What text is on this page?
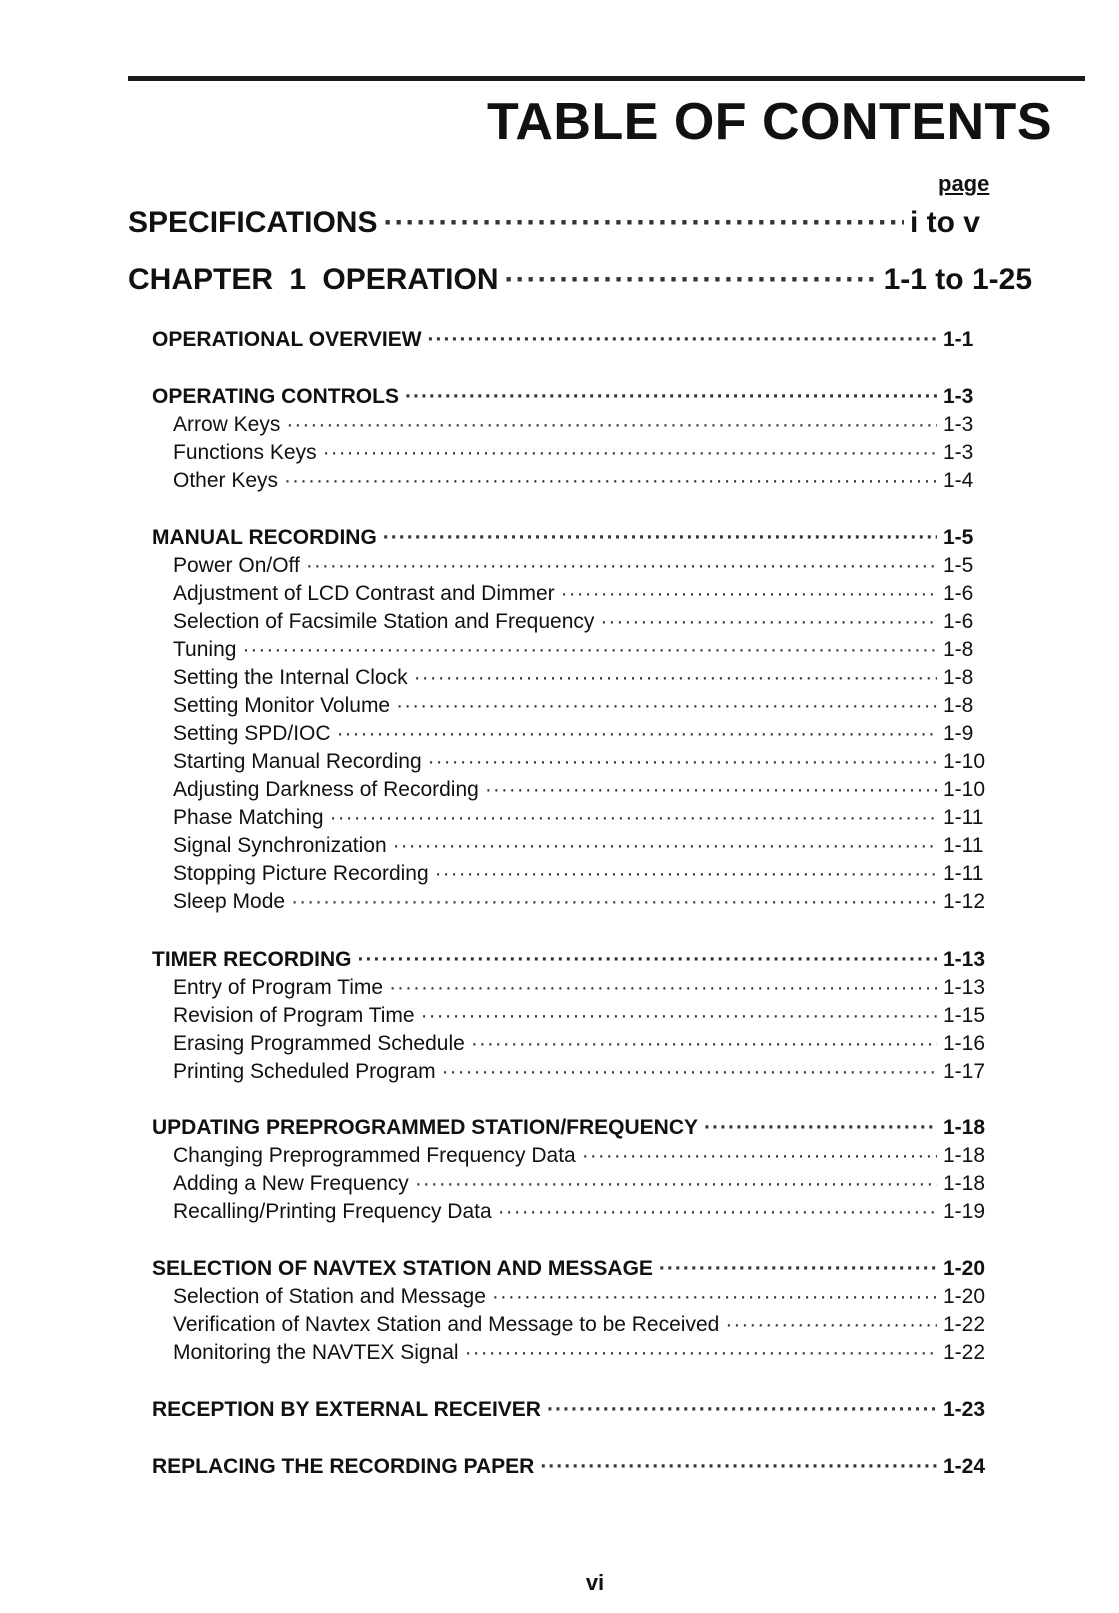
TABLE OF CONTENTS
page
SPECIFICATIONS ·····	i to v
CHAPTER 1 OPERATION ·····	1-1 to 1-25
OPERATIONAL OVERVIEW ·····	1-1
OPERATING CONTROLS ·····	1-3
Arrow Keys ·····	1-3
Functions Keys ·····	1-3
Other Keys ·····	1-4
MANUAL RECORDING ·····	1-5
Power On/Off ·····	1-5
Adjustment of LCD Contrast and Dimmer ·····	1-6
Selection of Facsimile Station and Frequency ·····	1-6
Tuning ·····	1-8
Setting the Internal Clock ·····	1-8
Setting Monitor Volume ·····	1-8
Setting SPD/IOC ·····	1-9
Starting Manual Recording ·····	1-10
Adjusting Darkness of Recording ·····	1-10
Phase Matching ·····	1-11
Signal Synchronization ·····	1-11
Stopping Picture Recording ·····	1-11
Sleep Mode ·····	1-12
TIMER RECORDING ·····	1-13
Entry of Program Time ·····	1-13
Revision of Program Time ·····	1-15
Erasing Programmed Schedule ·····	1-16
Printing Scheduled Program ·····	1-17
UPDATING PREPROGRAMMED STATION/FREQUENCY ·····	1-18
Changing Preprogrammed Frequency Data ·····	1-18
Adding a New Frequency ·····	1-18
Recalling/Printing Frequency Data ·····	1-19
SELECTION OF NAVTEX STATION AND MESSAGE ·····	1-20
Selection of Station and Message ·····	1-20
Verification of Navtex Station and Message to be Received ·····	1-22
Monitoring the NAVTEX Signal ·····	1-22
RECEPTION BY EXTERNAL RECEIVER ·····	1-23
REPLACING THE RECORDING PAPER ·····	1-24
vi
